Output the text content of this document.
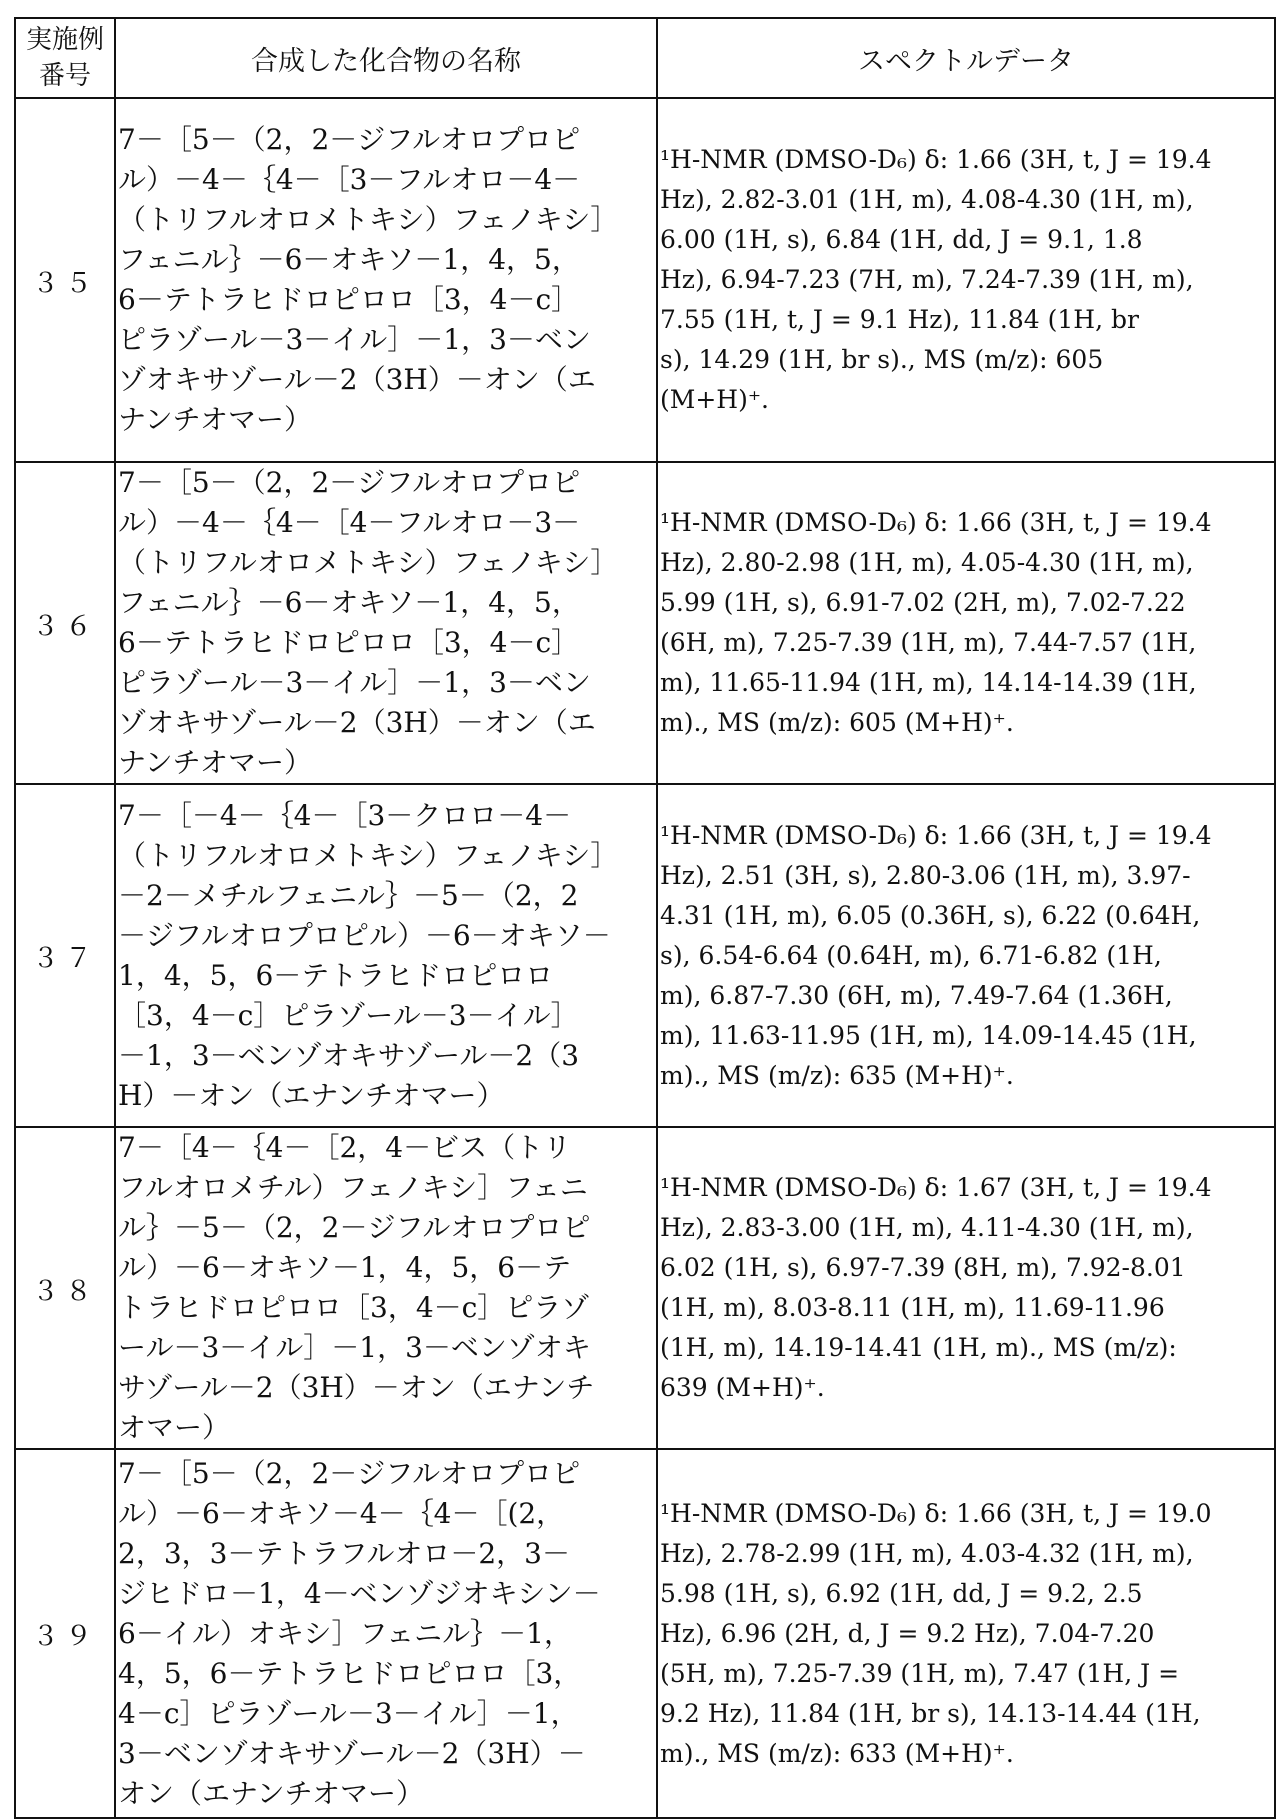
実施例
番号	合成した化合物の名称	スペクトルデータ
３５	
7－［5－（2，2－ジフルオロプロピ
ル）－4－｛4－［3－フルオロ－4－
（トリフルオロメトキシ）フェノキシ］
フェニル｝－6－オキソ－1，4，5，
6－テトラヒドロピロロ［3，4－c］
ピラゾール－3－イル］－1，3－ベン
ゾオキサゾール－2（3H）－オン（エ
ナンチオマー）

¹H-NMR (DMSO-D₆) δ: 1.66 (3H, t, J = 19.4
Hz), 2.82-3.01 (1H, m), 4.08-4.30 (1H, m),
6.00 (1H, s), 6.84 (1H, dd, J = 9.1, 1.8
Hz), 6.94-7.23 (7H, m), 7.24-7.39 (1H, m),
7.55 (1H, t, J = 9.1 Hz), 11.84 (1H, br
s), 14.29 (1H, br s)., MS (m/z): 605
(M+H)⁺.

３６	
7－［5－（2，2－ジフルオロプロピ
ル）－4－｛4－［4－フルオロ－3－
（トリフルオロメトキシ）フェノキシ］
フェニル｝－6－オキソ－1，4，5，
6－テトラヒドロピロロ［3，4－c］
ピラゾール－3－イル］－1，3－ベン
ゾオキサゾール－2（3H）－オン（エ
ナンチオマー）

¹H-NMR (DMSO-D₆) δ: 1.66 (3H, t, J = 19.4
Hz), 2.80-2.98 (1H, m), 4.05-4.30 (1H, m),
5.99 (1H, s), 6.91-7.02 (2H, m), 7.02-7.22
(6H, m), 7.25-7.39 (1H, m), 7.44-7.57 (1H,
m), 11.65-11.94 (1H, m), 14.14-14.39 (1H,
m)., MS (m/z): 605 (M+H)⁺.

３７	
7－［－4－｛4－［3－クロロ－4－
（トリフルオロメトキシ）フェノキシ］
－2－メチルフェニル｝－5－（2，2
－ジフルオロプロピル）－6－オキソ－
1，4，5，6－テトラヒドロピロロ
［3，4－c］ピラゾール－3－イル］
－1，3－ベンゾオキサゾール－2（3
H）－オン（エナンチオマー）

¹H-NMR (DMSO-D₆) δ: 1.66 (3H, t, J = 19.4
Hz), 2.51 (3H, s), 2.80-3.06 (1H, m), 3.97-
4.31 (1H, m), 6.05 (0.36H, s), 6.22 (0.64H,
s), 6.54-6.64 (0.64H, m), 6.71-6.82 (1H,
m), 6.87-7.30 (6H, m), 7.49-7.64 (1.36H,
m), 11.63-11.95 (1H, m), 14.09-14.45 (1H,
m)., MS (m/z): 635 (M+H)⁺.

３８	
7－［4－｛4－［2，4－ビス（トリ
フルオロメチル）フェノキシ］フェニ
ル｝－5－（2，2－ジフルオロプロピ
ル）－6－オキソ－1，4，5，6－テ
トラヒドロピロロ［3，4－c］ピラゾ
ール－3－イル］－1，3－ベンゾオキ
サゾール－2（3H）－オン（エナンチ
オマー）

¹H-NMR (DMSO-D₆) δ: 1.67 (3H, t, J = 19.4
Hz), 2.83-3.00 (1H, m), 4.11-4.30 (1H, m),
6.02 (1H, s), 6.97-7.39 (8H, m), 7.92-8.01
(1H, m), 8.03-8.11 (1H, m), 11.69-11.96
(1H, m), 14.19-14.41 (1H, m)., MS (m/z):
639 (M+H)⁺.

３９	
7－［5－（2，2－ジフルオロプロピ
ル）－6－オキソ－4－｛4－［(2，
2，3，3－テトラフルオロ－2，3－
ジヒドロ－1，4－ベンゾジオキシン－
6－イル）オキシ］フェニル｝－1，
4，5，6－テトラヒドロピロロ［3，
4－c］ピラゾール－3－イル］－1，
3－ベンゾオキサゾール－2（3H）－
オン（エナンチオマー）

¹H-NMR (DMSO-D₆) δ: 1.66 (3H, t, J = 19.0
Hz), 2.78-2.99 (1H, m), 4.03-4.32 (1H, m),
5.98 (1H, s), 6.92 (1H, dd, J = 9.2, 2.5
Hz), 6.96 (2H, d, J = 9.2 Hz), 7.04-7.20
(5H, m), 7.25-7.39 (1H, m), 7.47 (1H, J =
9.2 Hz), 11.84 (1H, br s), 14.13-14.44 (1H,
m)., MS (m/z): 633 (M+H)⁺.
